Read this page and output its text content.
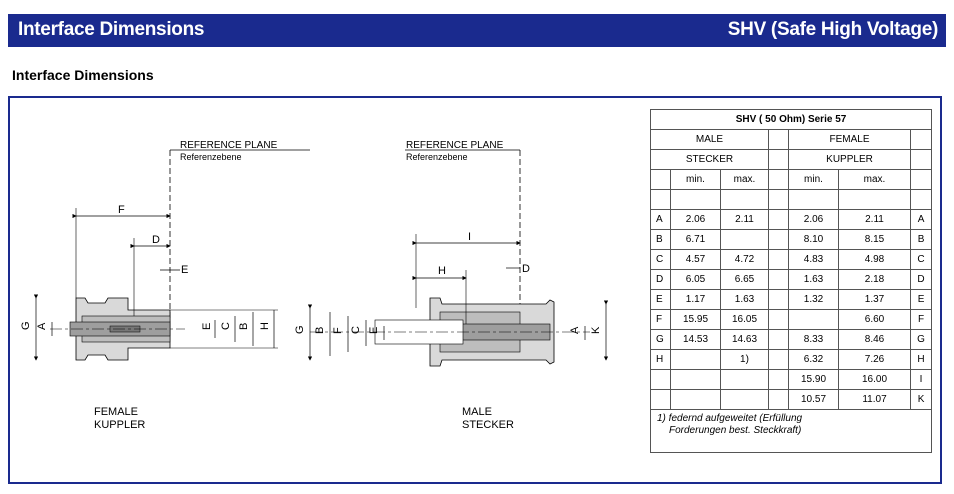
Interface Dimensions	SHV (Safe High Voltage)
Interface Dimensions
REFERENCE PLANE
Referenzebene
REFERENCE PLANE
Referenzebene
F
D
E
G A	E C B H
I
H	D
G B F C E	A K
FEMALE
KUPPLER
MALE
STECKER
SHV ( 50 Ohm) Serie 57						
MALE				FEMALE		
STECKER				KUPPLER		
	min.	max.		min.	max.	

A	2.06	2.11		2.06	2.11	A
B	6.71			8.10	8.15	B
C	4.57	4.72		4.83	4.98	C
D	6.05	6.65		1.63	2.18	D
E	1.17	1.63		1.32	1.37	E
F	15.95	16.05			6.60	F
G	14.53	14.63		8.33	8.46	G
H		1)		6.32	7.26	H
				15.90	16.00	I
				10.57	11.07	K

1) federnd aufgeweitet (Erfüllung
Forderungen best. Steckkraft)						
